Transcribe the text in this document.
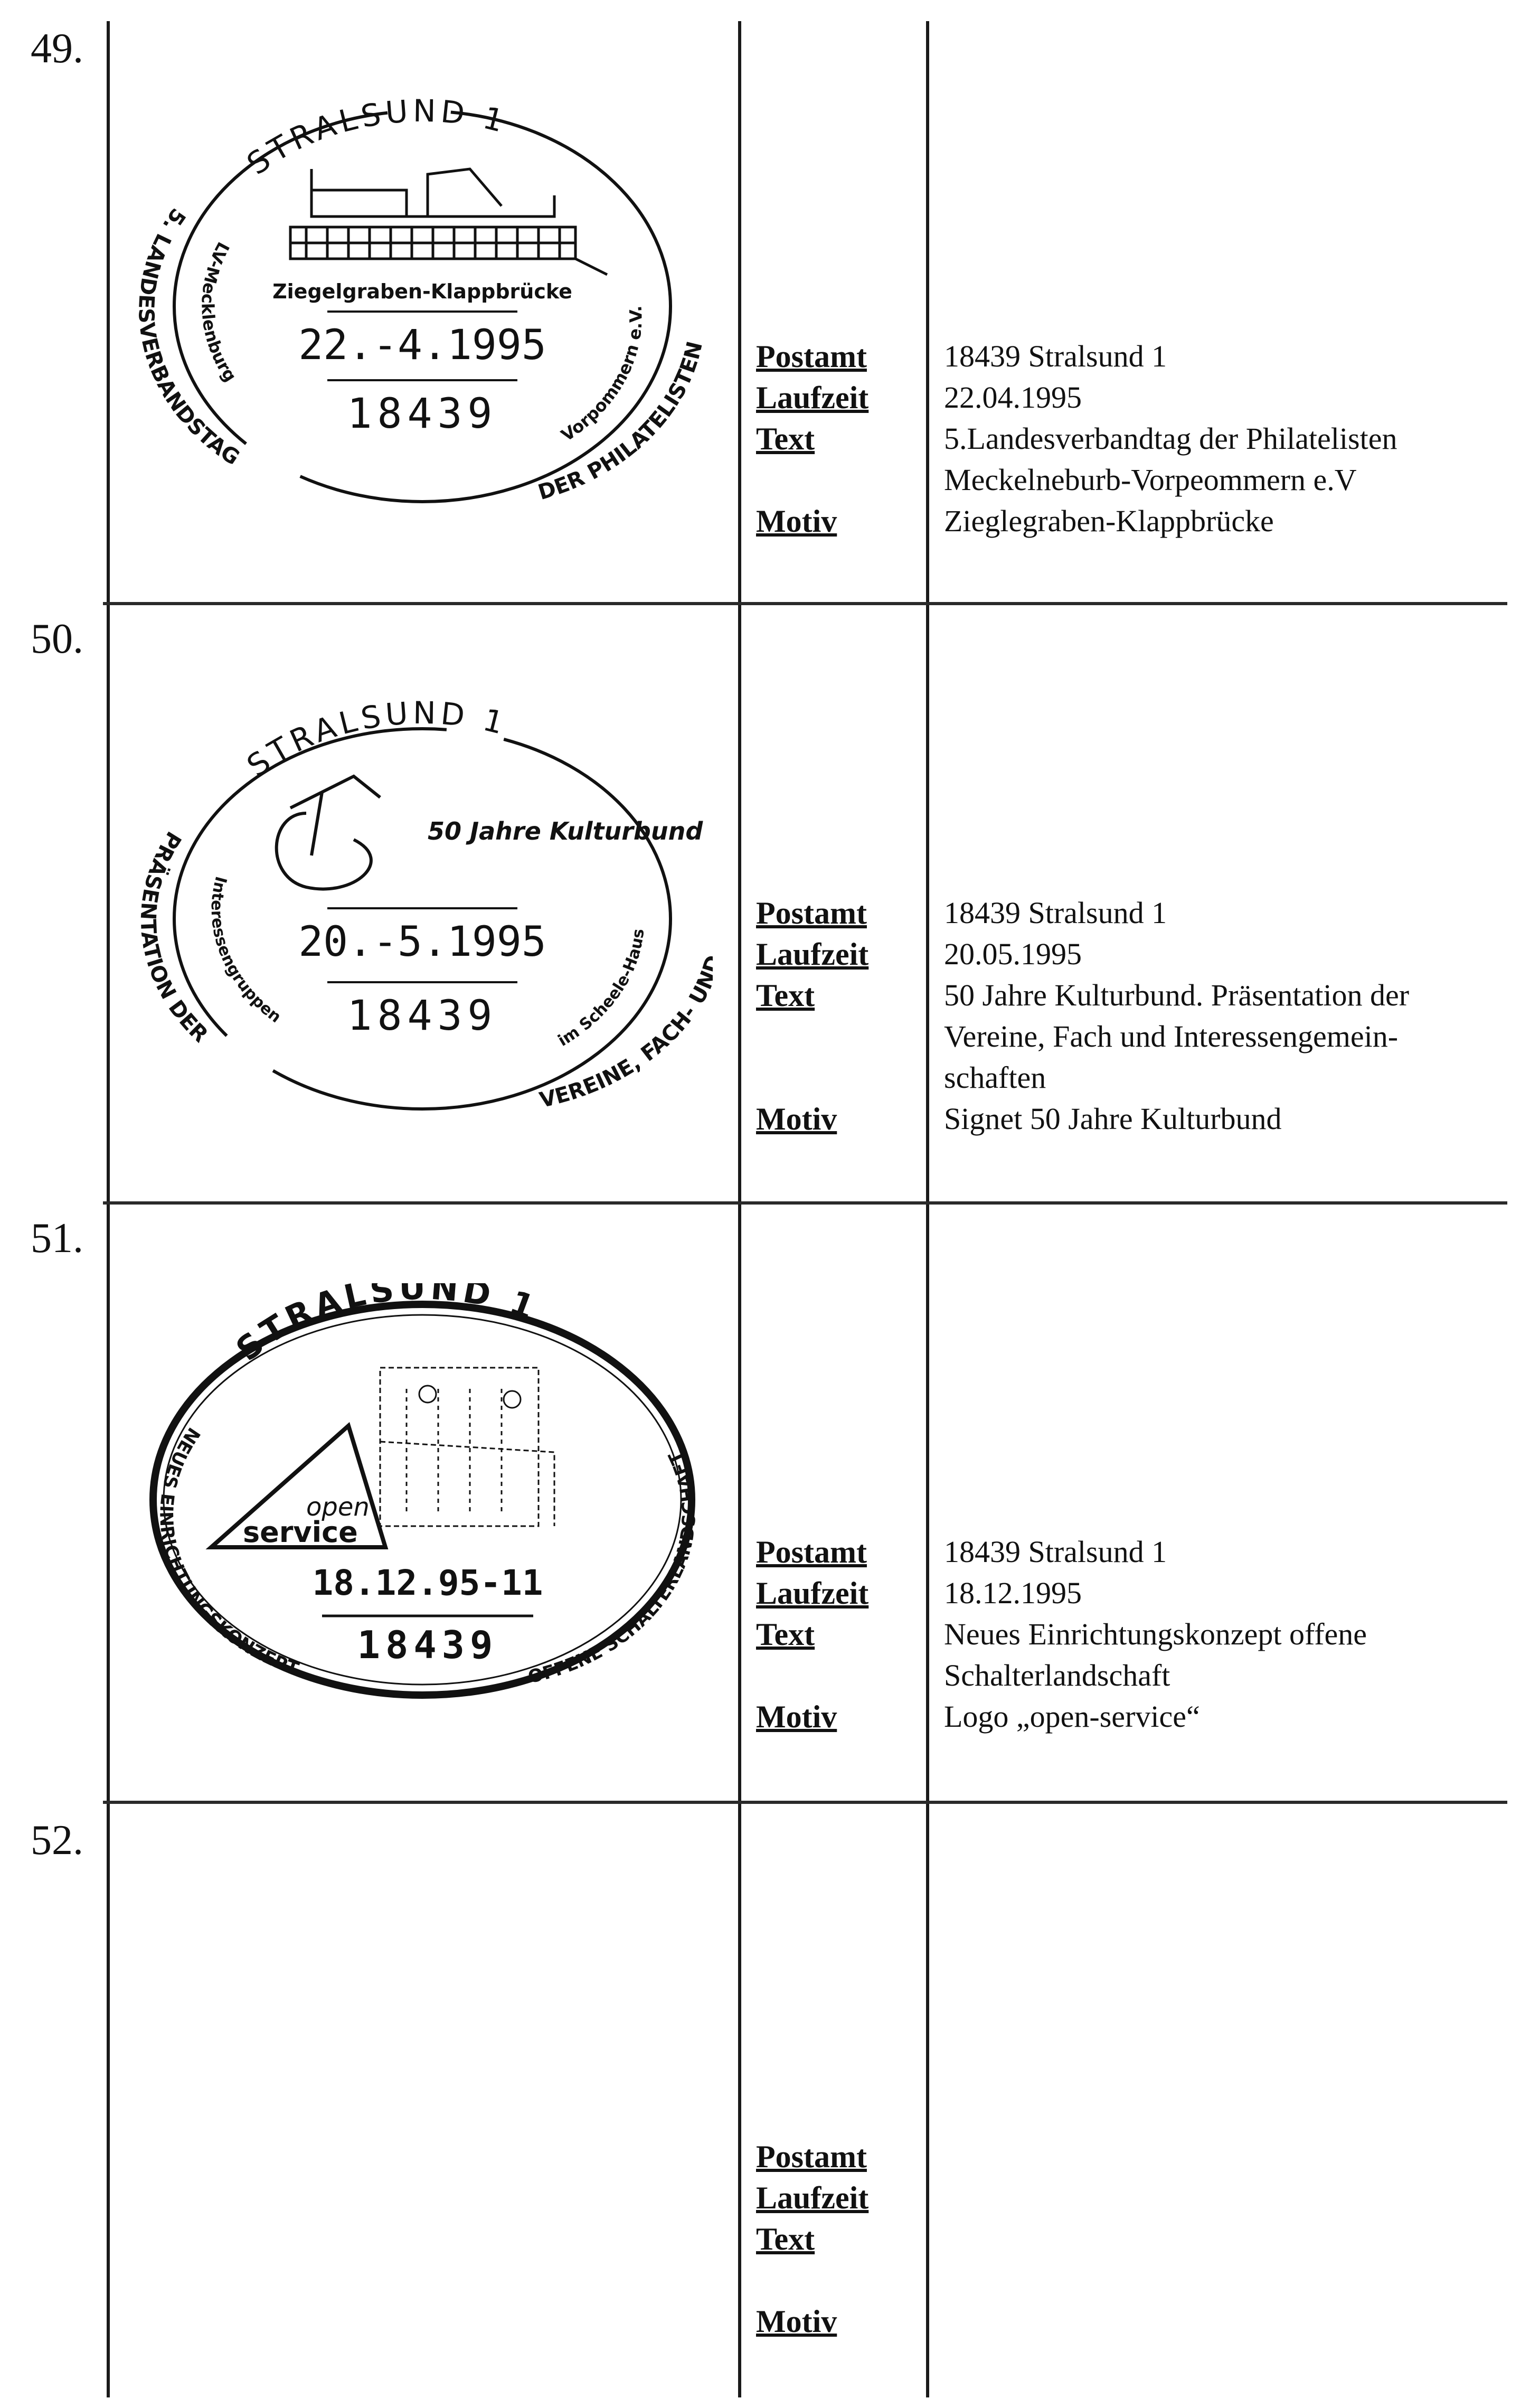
49.
STRALSUND 1
5. LANDESVERBANDSTAG
LV-Mecklenburg
DER PHILATELISTEN
Vorpommern e.V.
Ziegelgraben-Klappbrücke
22.-4.1995
18439
Postamt
Laufzeit
Text
Motiv
18439 Stralsund 1
22.04.1995
5.Landesverbandtag der Philatelisten Meckelneburb-Vorpeommern e.V
Zieglegraben-Klappbrücke
50.
STRALSUND 1
PRÄSENTATION DER
Interessengruppen
VEREINE, FACH- U
im Scheele-Haus
50 Jahre Kulturbund
20.-5.1995
18439
Postamt
Laufzeit
Text
Motiv
18439 Stralsund 1
20.05.1995
50 Jahre Kulturbund. Präsentation der Vereine, Fach und Interessengemein-schaften
Signet 50 Jahre Kulturbund
51.
STRALSUND 1
NEUES EINRICHTUNGSKONZEPT	OFFENE SCHALTERLANDSCHAFT
open
service
18.12.95-11
18439
Postamt
Laufzeit
Text
Motiv
18439 Stralsund 1
18.12.1995
Neues Einrichtungskonzept offene Schalterlandschaft
Logo „open-service“
52.
Postamt
Laufzeit
Text
Motiv
